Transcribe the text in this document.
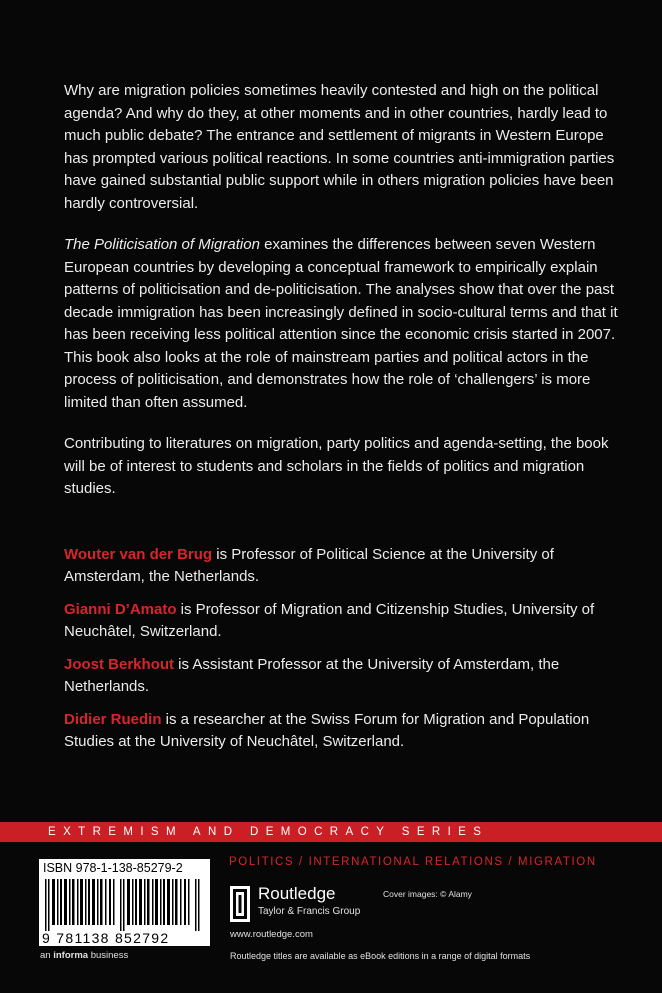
Why are migration policies sometimes heavily contested and high on the political agenda? And why do they, at other moments and in other countries, hardly lead to much public debate? The entrance and settlement of migrants in Western Europe has prompted various political reactions. In some countries anti-immigration parties have gained substantial public support while in others migration policies have been hardly controversial.

The Politicisation of Migration examines the differences between seven Western European countries by developing a conceptual framework to empirically explain patterns of politicisation and de-politicisation. The analyses show that over the past decade immigration has been increasingly defined in socio-cultural terms and that it has been receiving less political attention since the economic crisis started in 2007. This book also looks at the role of mainstream parties and political actors in the process of politicisation, and demonstrates how the role of ‘challengers’ is more limited than often assumed.

Contributing to literatures on migration, party politics and agenda-setting, the book will be of interest to students and scholars in the fields of politics and migration studies.

Wouter van der Brug is Professor of Political Science at the University of Amsterdam, the Netherlands.

Gianni D’Amato is Professor of Migration and Citizenship Studies, University of Neuchâtel, Switzerland.

Joost Berkhout is Assistant Professor at the University of Amsterdam, the Netherlands.

Didier Ruedin is a researcher at the Swiss Forum for Migration and Population Studies at the University of Neuchâtel, Switzerland.

EXTREMISM AND DEMOCRACY SERIES
POLITICS / INTERNATIONAL RELATIONS / MIGRATION
ISBN 978-1-138-85279-2
9 781138 852792
an informa business
Routledge
Taylor & Francis Group
Cover images: © Alamy
www.routledge.com
Routledge titles are available as eBook editions in a range of digital formats
